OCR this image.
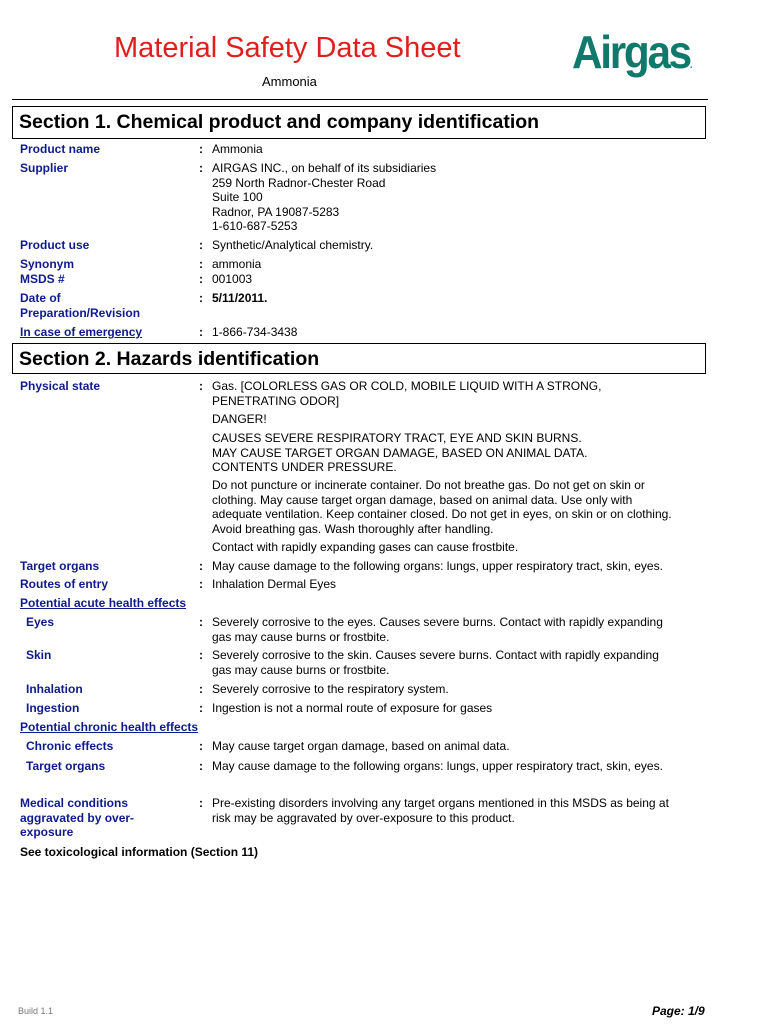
Material Safety Data Sheet
Ammonia
Airgas.
Section 1. Chemical product and company identification
Product name	: Ammonia
Supplier	: AIRGAS INC., on behalf of its subsidiaries
259 North Radnor-Chester Road
Suite 100
Radnor, PA 19087-5283
1-610-687-5253
Product use	: Synthetic/Analytical chemistry.
Synonym	: ammonia
MSDS #	: 001003
Date of
Preparation/Revision
: 5/11/2011.
In case of emergency	: 1-866-734-3438
Section 2. Hazards identification
Physical state	: Gas. [COLORLESS GAS OR COLD, MOBILE LIQUID WITH A STRONG,
PENETRATING ODOR]
DANGER!
CAUSES SEVERE RESPIRATORY TRACT, EYE AND SKIN BURNS.
MAY CAUSE TARGET ORGAN DAMAGE, BASED ON ANIMAL DATA.
CONTENTS UNDER PRESSURE.
Do not puncture or incinerate container. Do not breathe gas. Do not get on skin or
clothing. May cause target organ damage, based on animal data. Use only with
adequate ventilation. Keep container closed. Do not get in eyes, on skin or on clothing.
Avoid breathing gas. Wash thoroughly after handling.
Contact with rapidly expanding gases can cause frostbite.
Target organs	: May cause damage to the following organs: lungs, upper respiratory tract, skin, eyes.
Routes of entry	: Inhalation Dermal Eyes
Potential acute health effects
Eyes	: Severely corrosive to the eyes. Causes severe burns. Contact with rapidly expanding
gas may cause burns or frostbite.
Skin	: Severely corrosive to the skin. Causes severe burns. Contact with rapidly expanding
gas may cause burns or frostbite.
Inhalation	: Severely corrosive to the respiratory system.
Ingestion	: Ingestion is not a normal route of exposure for gases
Potential chronic health effects
Chronic effects	: May cause target organ damage, based on animal data.
Target organs	: May cause damage to the following organs: lungs, upper respiratory tract, skin, eyes.
Medical conditions
aggravated by over-
exposure
: Pre-existing disorders involving any target organs mentioned in this MSDS as being at
risk may be aggravated by over-exposure to this product.
See toxicological information (Section 11)
Build 1.1	Page: 1/9
